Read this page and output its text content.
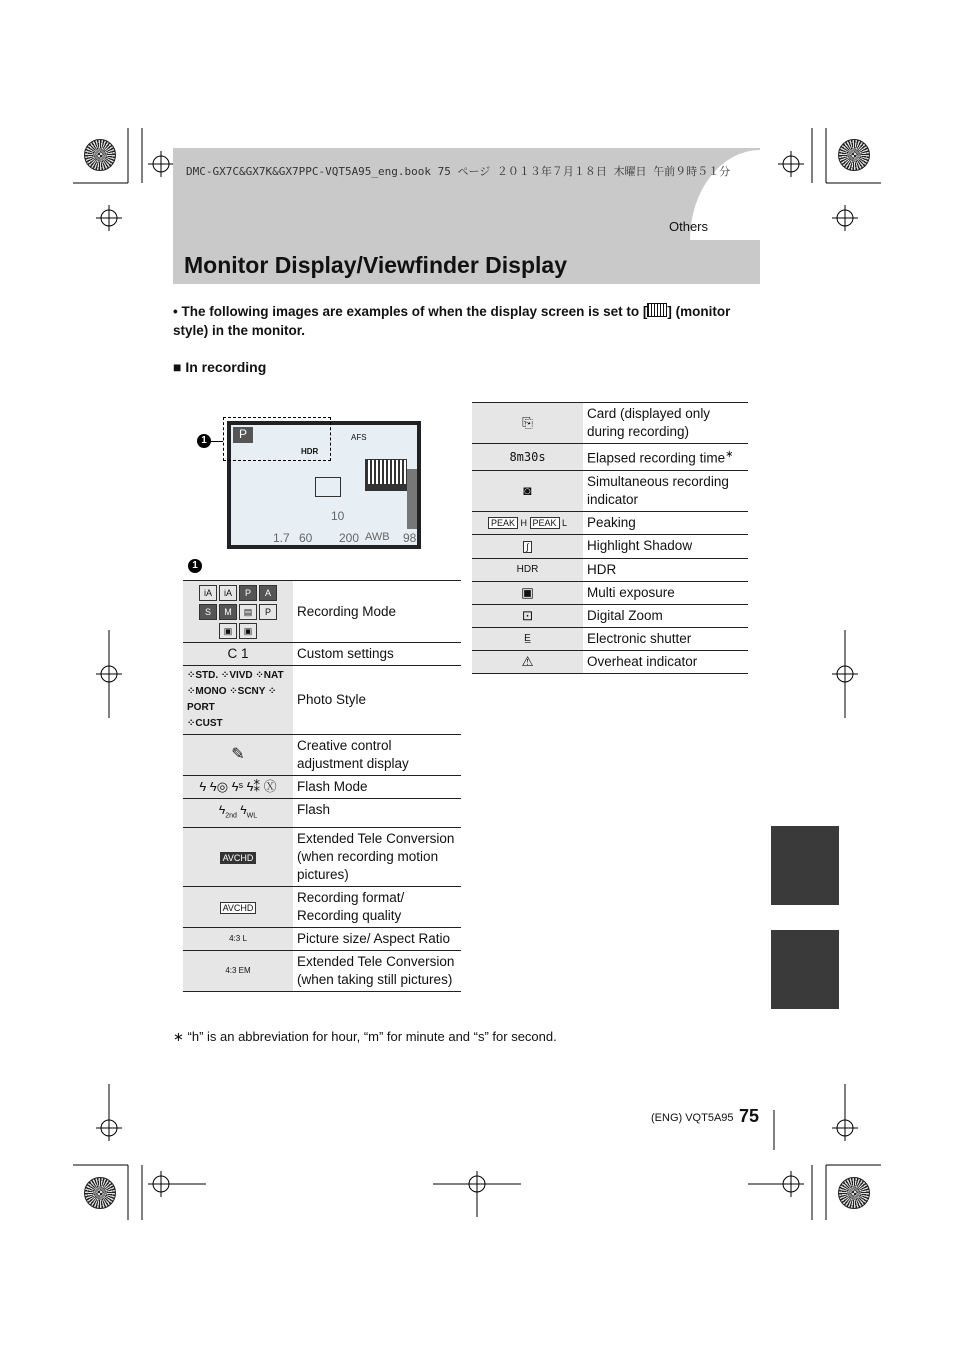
DMC-GX7C&GX7K&GX7PPC-VQT5A95_eng.book 75 ページ ２０１３年７月１８日 木曜日 午前９時５１分
Others
Monitor Display/Viewfinder Display
• The following images are examples of when the display screen is set to [ ] (monitor style) in the monitor.
■ In recording
1	P	AFS
HDR
10
1.7 60 200 AWB 98
1
iA iA P A
S M ▤ P
▣ ▣	Recording Mode
C 1	Custom settings
⁘STD. ⁘VIVD ⁘NAT
⁘MONO ⁘SCNY ⁘PORT
⁘CUST	Photo Style
✎	Creative control adjustment display
ϟ ϟ◎ ϟˢ ϟ⁑ Ⓧ	Flash Mode
$ϟ_{2nd}$ $ϟ_{WL}$	Flash
AVCHD	Extended Tele Conversion (when recording motion pictures)
AVCHD	Recording format/ Recording quality
4:3 L	Picture size/ Aspect Ratio
4:3 EM	Extended Tele Conversion (when taking still pictures)
⎘	Card (displayed only during recording)
8m30s	Elapsed recording time∗
◙	Simultaneous recording indicator
PEAK H PEAK L	Peaking
∫	Highlight Shadow
HDR	HDR
▣	Multi exposure
⊡	Digital Zoom
E̲	Electronic shutter
⚠	Overheat indicator
∗ “h” is an abbreviation for hour, “m” for minute and “s” for second.
(ENG) VQT5A95 75
